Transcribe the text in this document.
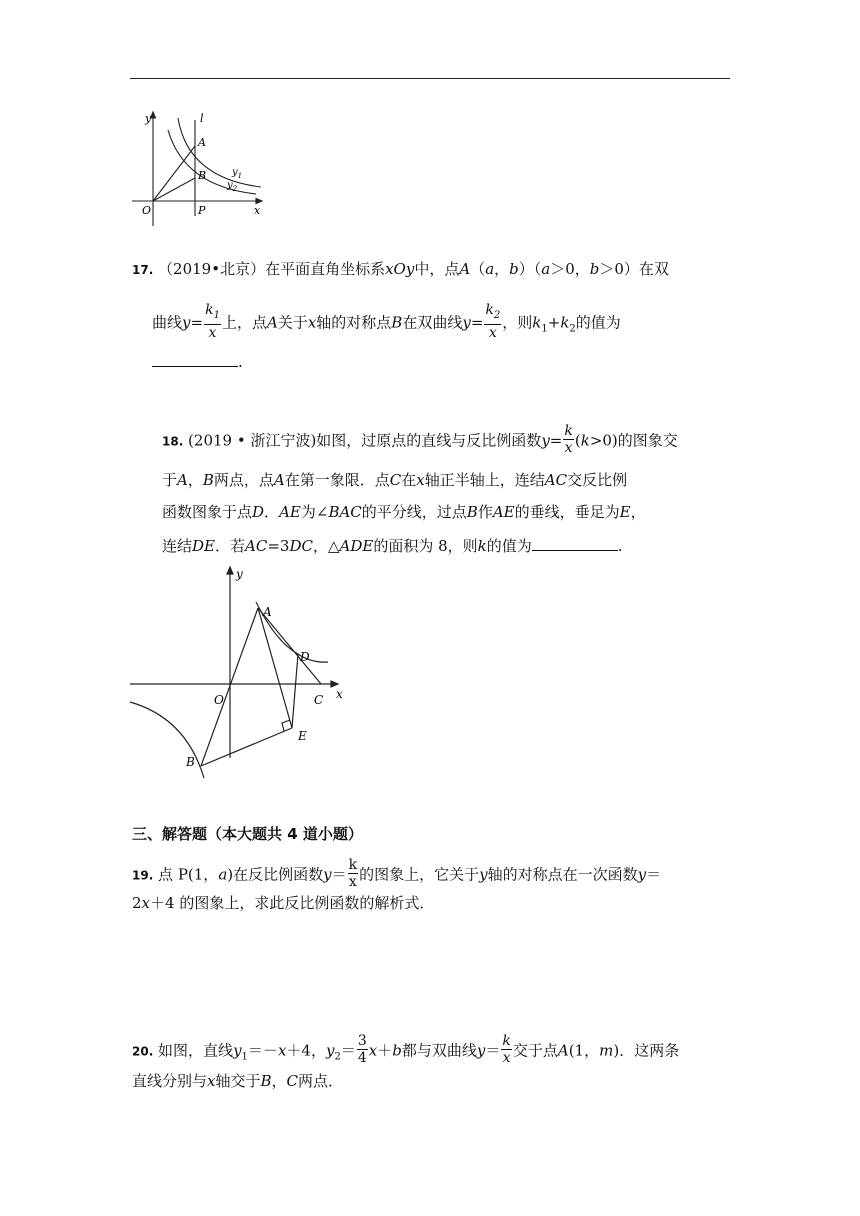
y	l
A
B	$y_1$
$y_2$
O	P	x
17. （2019•北京）在平面直角坐标系xOy中，点A（a，b）（a＞0，b＞0）在双
曲线$y= \frac{k_1}{x}$ 上，点A关于x轴的对称点B在双曲线$y= \frac{k_2}{x}$ ，则$k_1+k_2$的值为
.
18. (2019 • 浙江宁波)如图，过原点的直线与反比例函数$y= \frac{k}{x} (k>0)$的图象交
于A，B两点，点A在第一象限．点C在x轴正半轴上，连结AC交反比例
函数图象于点D．AE为∠BAC的平分线，过点B作AE的垂线，垂足为E，
连结DE．若AC=3DC，△ADE的面积为 8，则k的值为	.
y
A
D
O	C x
E
B
三、解答题（本大题共 4 道小题）
19. 点 P(1，a)在反比例函数$y= \frac{k}{x}$ 的图象上，它关于y轴的对称点在一次函数y＝
2x＋4 的图象上，求此反比例函数的解析式．
20. 如图，直线$y_1=-x+4$，$y_2= \frac{3}{4} x+b$都与双曲线$y= \frac{k}{x}$ 交于点A(1，m)．这两条
直线分别与x轴交于B，C两点．
